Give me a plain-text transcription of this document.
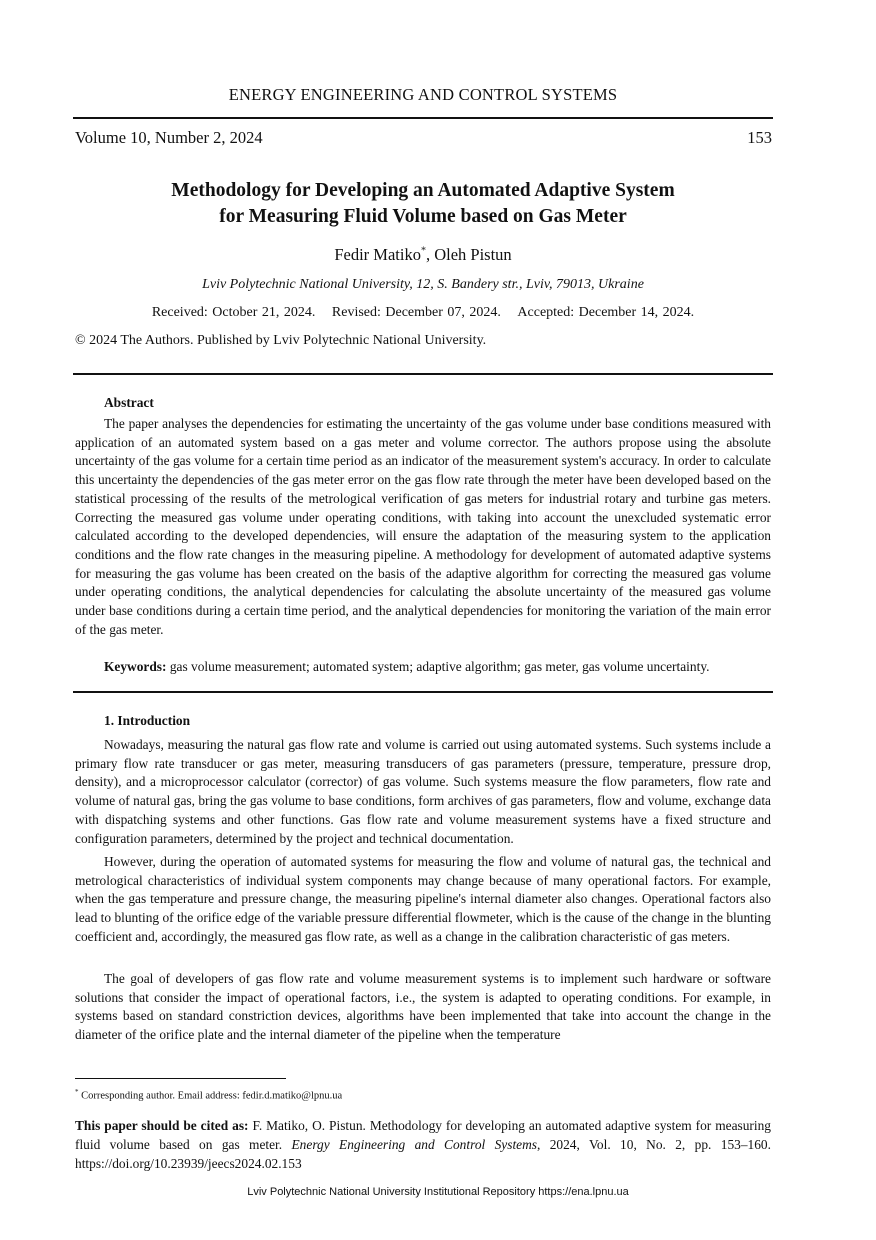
ENERGY ENGINEERING AND CONTROL SYSTEMS
Volume 10, Number 2, 2024	153
Methodology for Developing an Automated Adaptive System
for Measuring Fluid Volume based on Gas Meter
Fedir Matiko*, Oleh Pistun
Lviv Polytechnic National University, 12, S. Bandery str., Lviv, 79013, Ukraine
Received: October 21, 2024. Revised: December 07, 2024. Accepted: December 14, 2024.
© 2024 The Authors. Published by Lviv Polytechnic National University.
Abstract
The paper analyses the dependencies for estimating the uncertainty of the gas volume under base conditions measured with application of an automated system based on a gas meter and volume corrector. The authors propose using the absolute uncertainty of the gas volume for a certain time period as an indicator of the measurement system's accuracy. In order to calculate this uncertainty the dependencies of the gas meter error on the gas flow rate through the meter have been developed based on the statistical processing of the results of the metrological verification of gas meters for industrial rotary and turbine gas meters. Correcting the measured gas volume under operating conditions, with taking into account the unexcluded systematic error calculated according to the developed dependencies, will ensure the adaptation of the measuring system to the application conditions and the flow rate changes in the measuring pipeline. A methodology for development of automated adaptive systems for measuring the gas volume has been created on the basis of the adaptive algorithm for correcting the measured gas volume under operating conditions, the analytical dependencies for calculating the absolute uncertainty of the measured gas volume under base conditions during a certain time period, and the analytical dependencies for monitoring the variation of the main error of the gas meter.
Keywords: gas volume measurement; automated system; adaptive algorithm; gas meter, gas volume uncertainty.
1. Introduction
Nowadays, measuring the natural gas flow rate and volume is carried out using automated systems. Such systems include a primary flow rate transducer or gas meter, measuring transducers of gas parameters (pressure, temperature, pressure drop, density), and a microprocessor calculator (corrector) of gas volume. Such systems measure the flow parameters, flow rate and volume of natural gas, bring the gas volume to base conditions, form archives of gas parameters, flow and volume, exchange data with dispatching systems and other functions. Gas flow rate and volume measurement systems have a fixed structure and configuration parameters, determined by the project and technical documentation.
However, during the operation of automated systems for measuring the flow and volume of natural gas, the technical and metrological characteristics of individual system components may change because of many operational factors. For example, when the gas temperature and pressure change, the measuring pipeline's internal diameter also changes. Operational factors also lead to blunting of the orifice edge of the variable pressure differential flowmeter, which is the cause of the change in the blunting coefficient and, accordingly, the measured gas flow rate, as well as a change in the calibration characteristic of gas meters.
The goal of developers of gas flow rate and volume measurement systems is to implement such hardware or software solutions that consider the impact of operational factors, i.e., the system is adapted to operating conditions. For example, in systems based on standard constriction devices, algorithms have been implemented that take into account the change in the diameter of the orifice plate and the internal diameter of the pipeline when the temperature
* Corresponding author. Email address: fedir.d.matiko@lpnu.ua
This paper should be cited as: F. Matiko, O. Pistun. Methodology for developing an automated adaptive system for measuring fluid volume based on gas meter. Energy Engineering and Control Systems, 2024, Vol. 10, No. 2, pp. 153–160. https://doi.org/10.23939/jeecs2024.02.153
Lviv Polytechnic National University Institutional Repository https://ena.lpnu.ua
